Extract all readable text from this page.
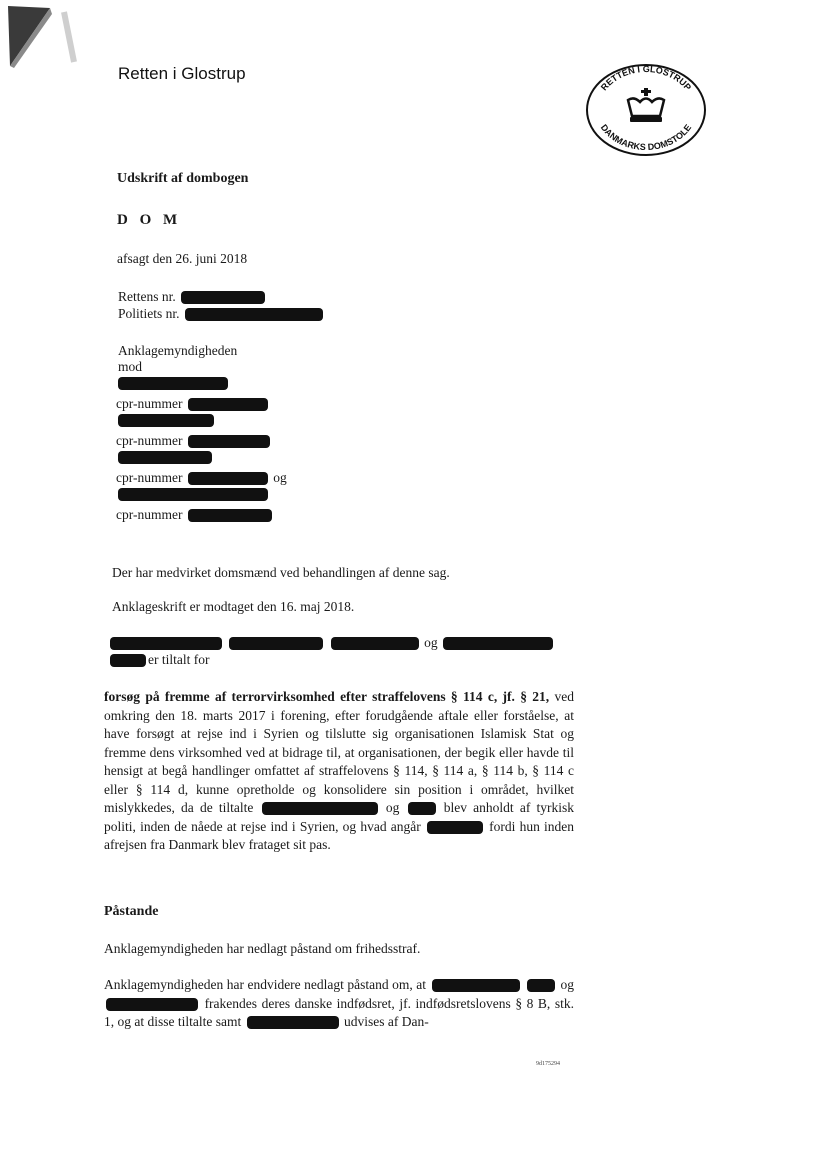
Retten i Glostrup
RETTEN I GLOSTRUP
DANMARKS DOMSTOLE
Udskrift af dombogen
D O M
afsagt den 26. juni 2018
Rettens nr.
Politiets nr.
Anklagemyndigheden
mod
cpr-nummer
cpr-nummer
cpr-nummer	og
cpr-nummer
Der har medvirket domsmænd ved behandlingen af denne sag.
Anklageskrift er modtaget den 16. maj 2018.
og
er tiltalt for
forsøg på fremme af terrorvirksomhed efter straffelovens § 114 c, jf. § 21, ved omkring den 18. marts 2017 i forening, efter forudgående aftale eller forståelse, at have forsøgt at rejse ind i Syrien og tilslutte sig organisationen Islamisk Stat og fremme dens virksomhed ved at bidrage til, at organisationen, der begik eller havde til hensigt at begå handlinger omfattet af straffelovens § 114, § 114 a, § 114 b, § 114 c eller § 114 d, kunne opretholde og konsolidere sin position i området, hvilket mislykkedes, da de tiltalte	og	blev anholdt af tyrkisk politi, inden de nåede at rejse ind i Syrien, og hvad angår	fordi hun inden afrejsen fra Danmark blev frataget sit pas.
Påstande
Anklagemyndigheden har nedlagt påstand om frihedsstraf.
Anklagemyndigheden har endvidere nedlagt påstand om, at	og  frakendes deres danske indfødsret, jf. indfødsretslovens § 8 B, stk. 1, og at disse tiltalte samt	udvises af Dan-
9d175294
